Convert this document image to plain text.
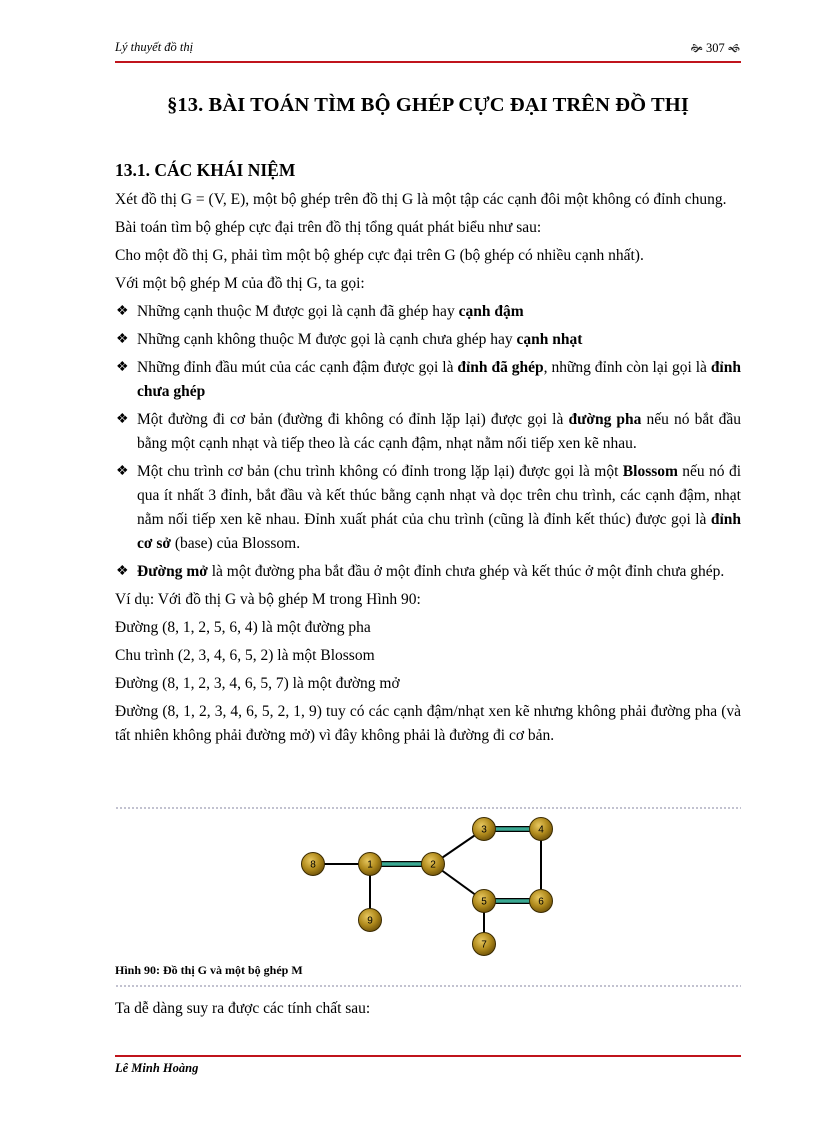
Lý thuyết đồ thị	🙞 307 🙜
§13. BÀI TOÁN TÌM BỘ GHÉP CỰC ĐẠI TRÊN ĐỒ THỊ
13.1. CÁC KHÁI NIỆM

Xét đồ thị G = (V, E), một bộ ghép trên đồ thị G là một tập các cạnh đôi một không có đỉnh chung.

Bài toán tìm bộ ghép cực đại trên đồ thị tổng quát phát biểu như sau:

Cho một đồ thị G, phải tìm một bộ ghép cực đại trên G (bộ ghép có nhiều cạnh nhất).

Với một bộ ghép M của đồ thị G, ta gọi:

❖ Những cạnh thuộc M được gọi là cạnh đã ghép hay cạnh đậm
❖ Những cạnh không thuộc M được gọi là cạnh chưa ghép hay cạnh nhạt
❖ Những đỉnh đầu mút của các cạnh đậm được gọi là đỉnh đã ghép, những đỉnh còn lại gọi là đỉnh chưa ghép
❖ Một đường đi cơ bản (đường đi không có đỉnh lặp lại) được gọi là đường pha nếu nó bắt đầu bằng một cạnh nhạt và tiếp theo là các cạnh đậm, nhạt nằm nối tiếp xen kẽ nhau.
❖ Một chu trình cơ bản (chu trình không có đỉnh trong lặp lại) được gọi là một Blossom nếu nó đi qua ít nhất 3 đỉnh, bắt đầu và kết thúc bằng cạnh nhạt và dọc trên chu trình, các cạnh đậm, nhạt nằm nối tiếp xen kẽ nhau. Đỉnh xuất phát của chu trình (cũng là đỉnh kết thúc) được gọi là đỉnh cơ sở (base) của Blossom.
❖ Đường mở là một đường pha bắt đầu ở một đỉnh chưa ghép và kết thúc ở một đỉnh chưa ghép.

Ví dụ: Với đồ thị G và bộ ghép M trong Hình 90:

Đường (8, 1, 2, 5, 6, 4) là một đường pha

Chu trình (2, 3, 4, 6, 5, 2) là một Blossom

Đường (8, 1, 2, 3, 4, 6, 5, 7) là một đường mở

Đường (8, 1, 2, 3, 4, 6, 5, 2, 1, 9) tuy có các cạnh đậm/nhạt xen kẽ nhưng không phải đường pha (và tất nhiên không phải đường mở) vì đây không phải là đường đi cơ bản.

8	1	2
9
3	4
5	6
7
Hình 90: Đồ thị G và một bộ ghép M
Ta dễ dàng suy ra được các tính chất sau:
Lê Minh Hoàng
